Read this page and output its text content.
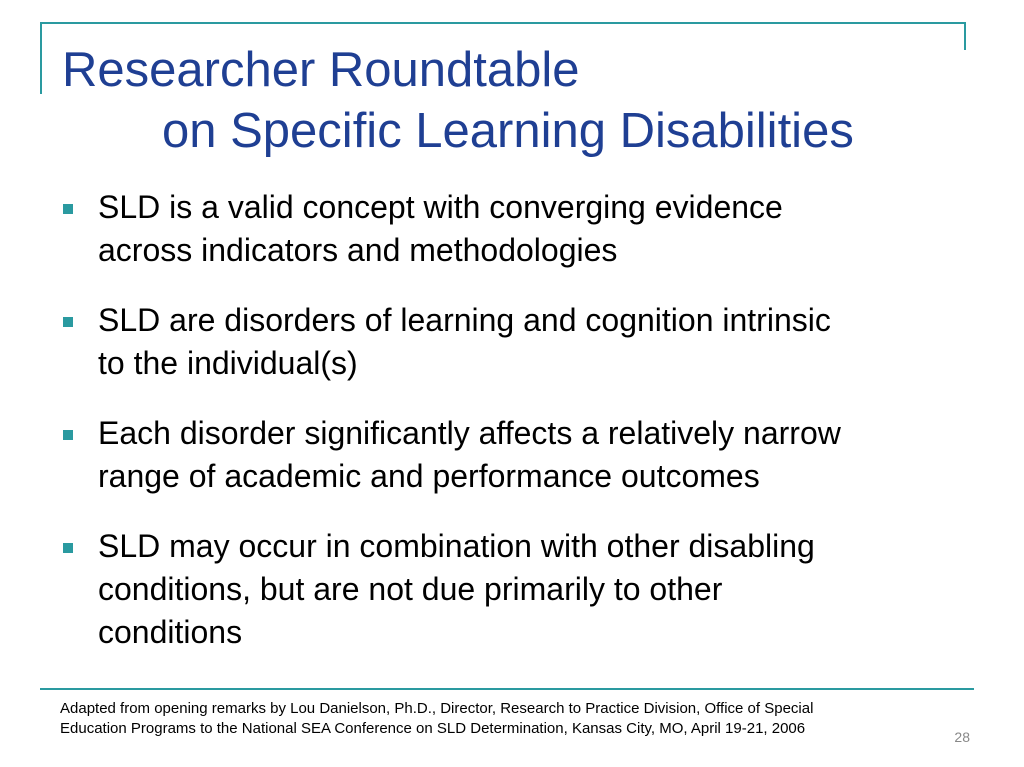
Researcher Roundtable
on Specific Learning Disabilities
SLD is a valid concept with converging evidence
across indicators and methodologies
SLD are disorders of learning and cognition intrinsic
to the individual(s)
Each disorder significantly affects a relatively narrow
range of academic and performance outcomes
SLD may occur in combination with other disabling
conditions, but are not due primarily to other
conditions

Adapted from opening remarks by Lou Danielson, Ph.D., Director, Research to Practice Division, Office of Special
Education Programs to the National SEA Conference on SLD Determination, Kansas City, MO, April 19-21, 2006	28
